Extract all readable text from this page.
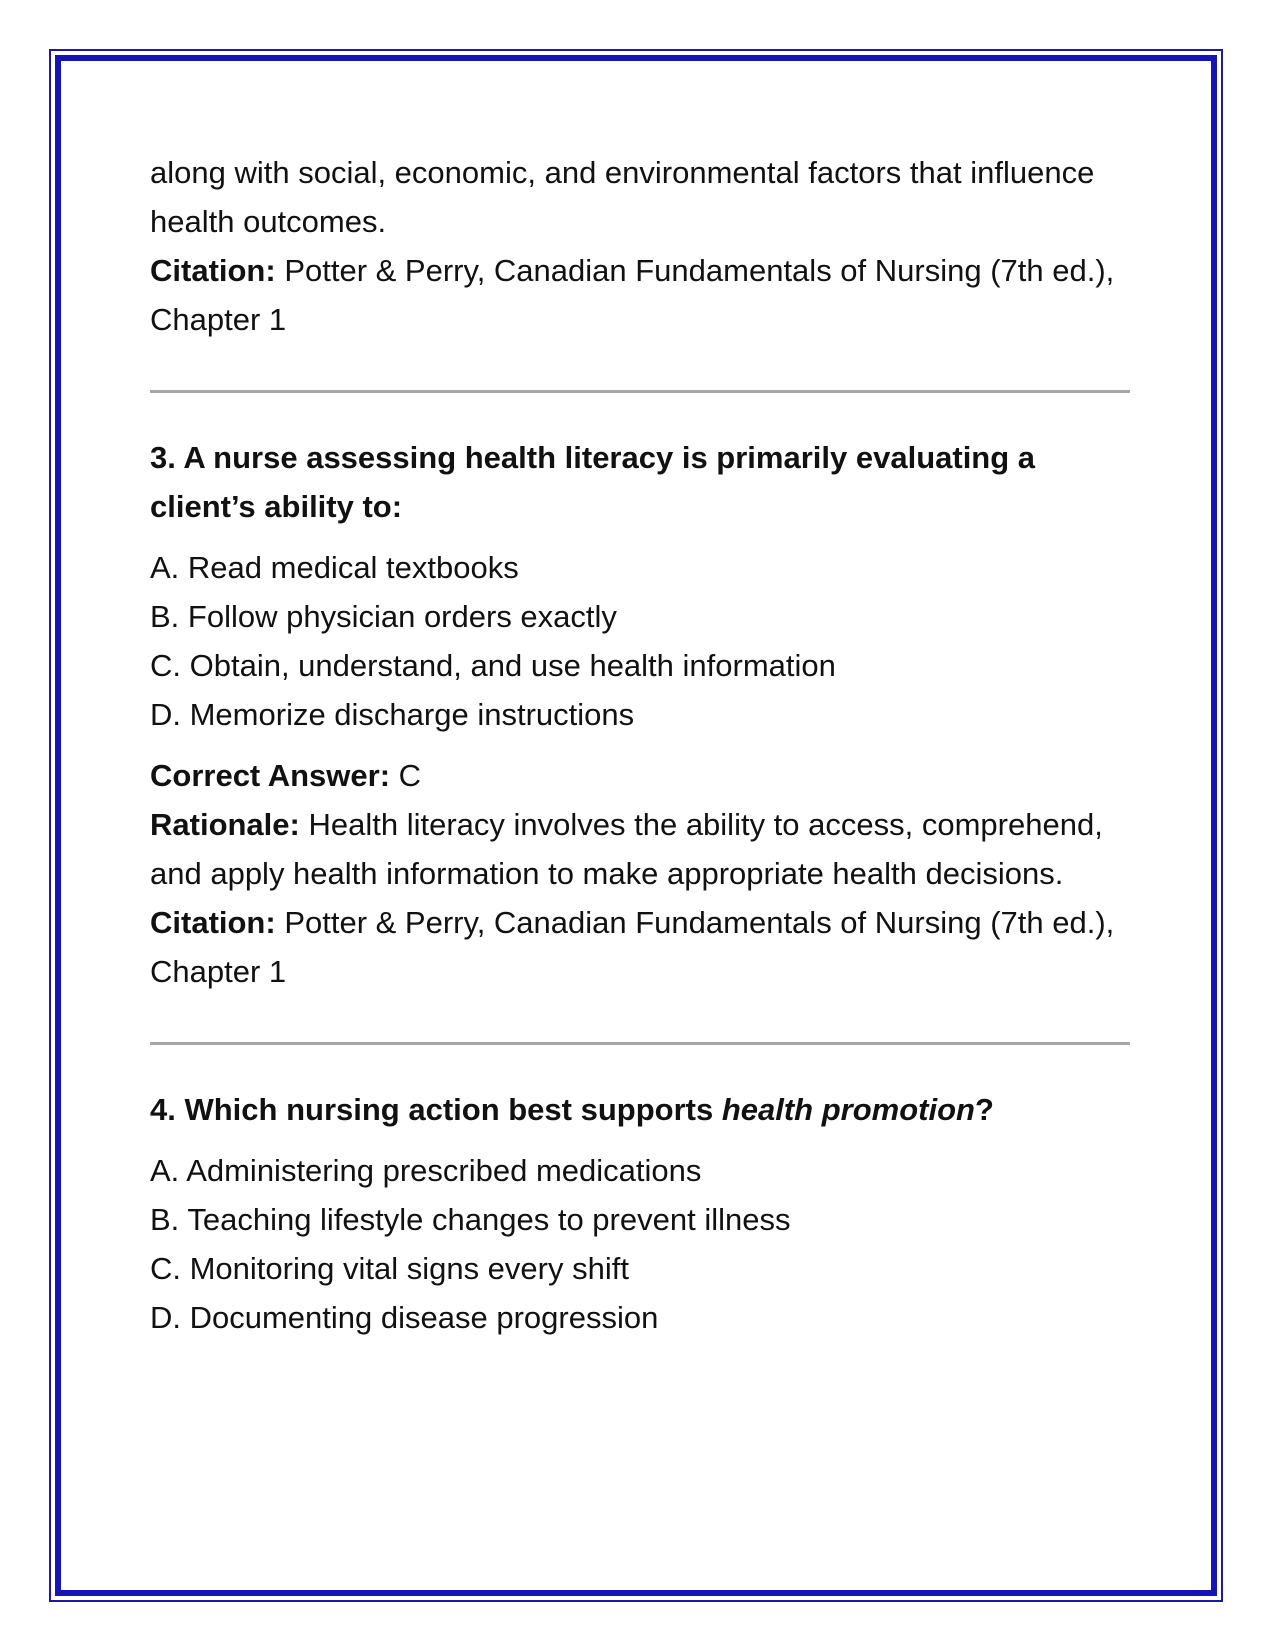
along with social, economic, and environmental factors that influence health outcomes.

Citation: Potter & Perry, Canadian Fundamentals of Nursing (7th ed.), Chapter 1

3. A nurse assessing health literacy is primarily evaluating a client’s ability to:

A. Read medical textbooks

B. Follow physician orders exactly

C. Obtain, understand, and use health information

D. Memorize discharge instructions

Correct Answer: C

Rationale: Health literacy involves the ability to access, comprehend, and apply health information to make appropriate health decisions.

Citation: Potter & Perry, Canadian Fundamentals of Nursing (7th ed.), Chapter 1

4. Which nursing action best supports health promotion?

A. Administering prescribed medications

B. Teaching lifestyle changes to prevent illness

C. Monitoring vital signs every shift

D. Documenting disease progression
